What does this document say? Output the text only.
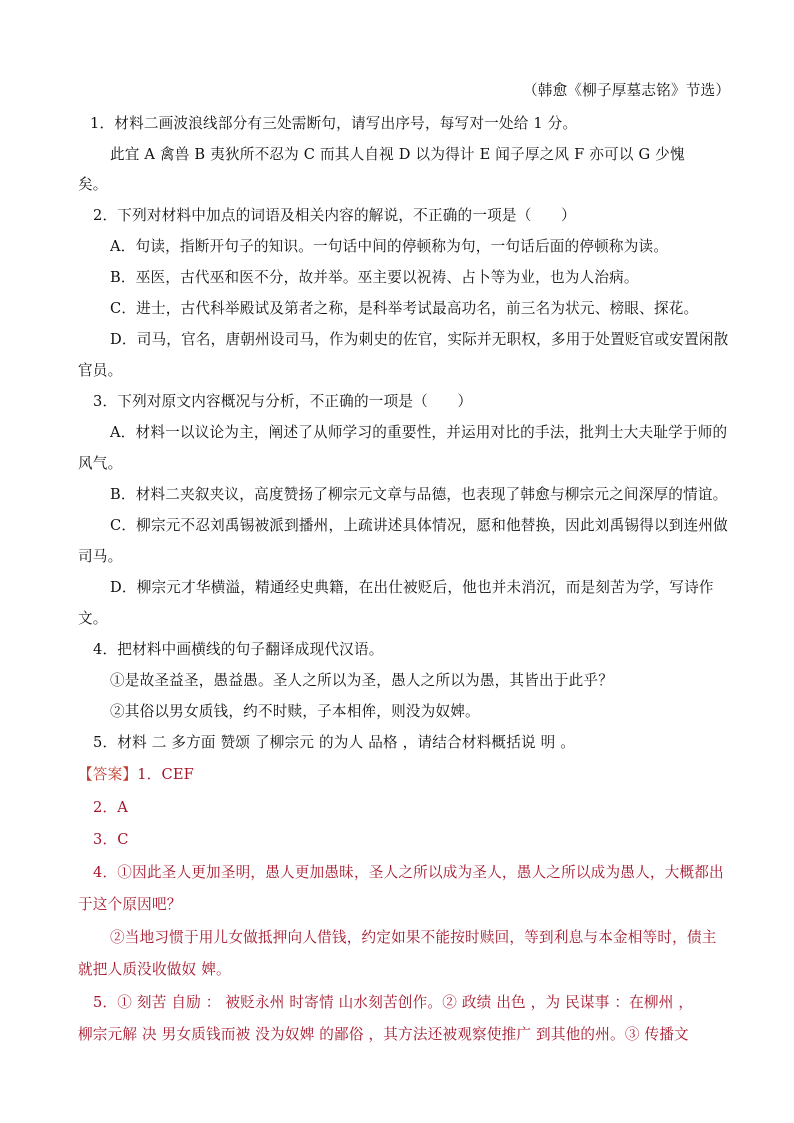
（韩愈《柳子厚墓志铭》节选）

1．材料二画波浪线部分有三处需断句，请写出序号，每写对一处给 1 分。

此宜 A 禽兽 B 夷狄所不忍为 C 而其人自视 D 以为得计 E 闻子厚之风 F 亦可以 G 少愧

矣。

2．下列对材料中加点的词语及相关内容的解说，不正确的一项是（　　）

A．句读，指断开句子的知识。一句话中间的停顿称为句，一句话后面的停顿称为读。

B．巫医，古代巫和医不分，故并举。巫主要以祝祷、占卜等为业，也为人治病。

C．进士，古代科举殿试及第者之称，是科举考试最高功名，前三名为状元、榜眼、探花。

D．司马，官名，唐朝州设司马，作为刺史的佐官，实际并无职权，多用于处置贬官或安置闲散

官员。

3．下列对原文内容概况与分析，不正确的一项是（　　）

A．材料一以议论为主，阐述了从师学习的重要性，并运用对比的手法，批判士大夫耻学于师的

风气。

B．材料二夹叙夹议，高度赞扬了柳宗元文章与品德，也表现了韩愈与柳宗元之间深厚的情谊。

C．柳宗元不忍刘禹锡被派到播州，上疏讲述具体情况，愿和他替换，因此刘禹锡得以到连州做

司马。

D．柳宗元才华横溢，精通经史典籍，在出仕被贬后，他也并未消沉，而是刻苦为学，写诗作

文。

4．把材料中画横线的句子翻译成现代汉语。

①是故圣益圣，愚益愚。圣人之所以为圣，愚人之所以为愚，其皆出于此乎？

②其俗以男女质钱，约不时赎，子本相侔，则没为奴婢。

5．材料 二 多方面 赞颂 了柳宗元 的为人 品格 ，请结合材料概括说 明 。

【答案】1．CEF

2．A

3．C

4．①因此圣人更加圣明，愚人更加愚昧，圣人之所以成为圣人，愚人之所以成为愚人，大概都出

于这个原因吧？

②当地习惯于用儿女做抵押向人借钱，约定如果不能按时赎回，等到利息与本金相等时，债主

就把人质没收做奴 婢。

5．① 刻苦 自励 ： 被贬永州 时寄情 山水刻苦创作。② 政绩 出色 ，为 民谋事 ：在柳州 ，

柳宗元解 决 男女质钱而被 没为奴婢 的鄙俗 ，其方法还被观察使推广 到其他的州。③ 传播文
